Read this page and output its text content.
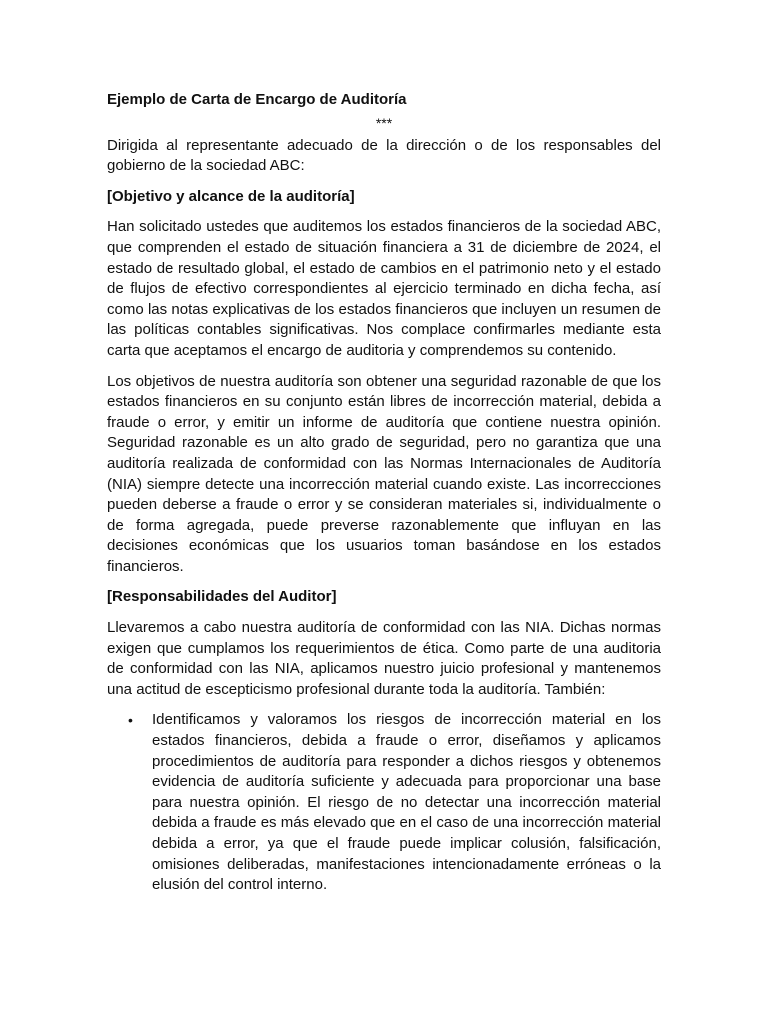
Ejemplo de Carta de Encargo de Auditoría
***

Dirigida al representante adecuado de la dirección o de los responsables del gobierno de la sociedad ABC:

[Objetivo y alcance de la auditoría]

Han solicitado ustedes que auditemos los estados financieros de la sociedad ABC, que comprenden el estado de situación financiera a 31 de diciembre de 2024, el estado de resultado global, el estado de cambios en el patrimonio neto y el estado de flujos de efectivo correspondientes al ejercicio terminado en dicha fecha, así como las notas explicativas de los estados financieros que incluyen un resumen de las políticas contables significativas. Nos complace confirmarles mediante esta carta que aceptamos el encargo de auditoria y comprendemos su contenido.

Los objetivos de nuestra auditoría son obtener una seguridad razonable de que los estados financieros en su conjunto están libres de incorrección material, debida a fraude o error, y emitir un informe de auditoría que contiene nuestra opinión. Seguridad razonable es un alto grado de seguridad, pero no garantiza que una auditoría realizada de conformidad con las Normas Internacionales de Auditoría (NIA) siempre detecte una incorrección material cuando existe. Las incorrecciones pueden deberse a fraude o error y se consideran materiales si, individualmente o de forma agregada, puede preverse razonablemente que influyan en las decisiones económicas que los usuarios toman basándose en los estados financieros.

[Responsabilidades del Auditor]

Llevaremos a cabo nuestra auditoría de conformidad con las NIA. Dichas normas exigen que cumplamos los requerimientos de ética. Como parte de una auditoria de conformidad con las NIA, aplicamos nuestro juicio profesional y mantenemos una actitud de escepticismo profesional durante toda la auditoría. También:

• Identificamos y valoramos los riesgos de incorrección material en los estados financieros, debida a fraude o error, diseñamos y aplicamos procedimientos de auditoría para responder a dichos riesgos y obtenemos evidencia de auditoría suficiente y adecuada para proporcionar una base para nuestra opinión. El riesgo de no detectar una incorrección material debida a fraude es más elevado que en el caso de una incorrección material debida a error, ya que el fraude puede implicar colusión, falsificación, omisiones deliberadas, manifestaciones intencionadamente erróneas o la elusión del control interno.
